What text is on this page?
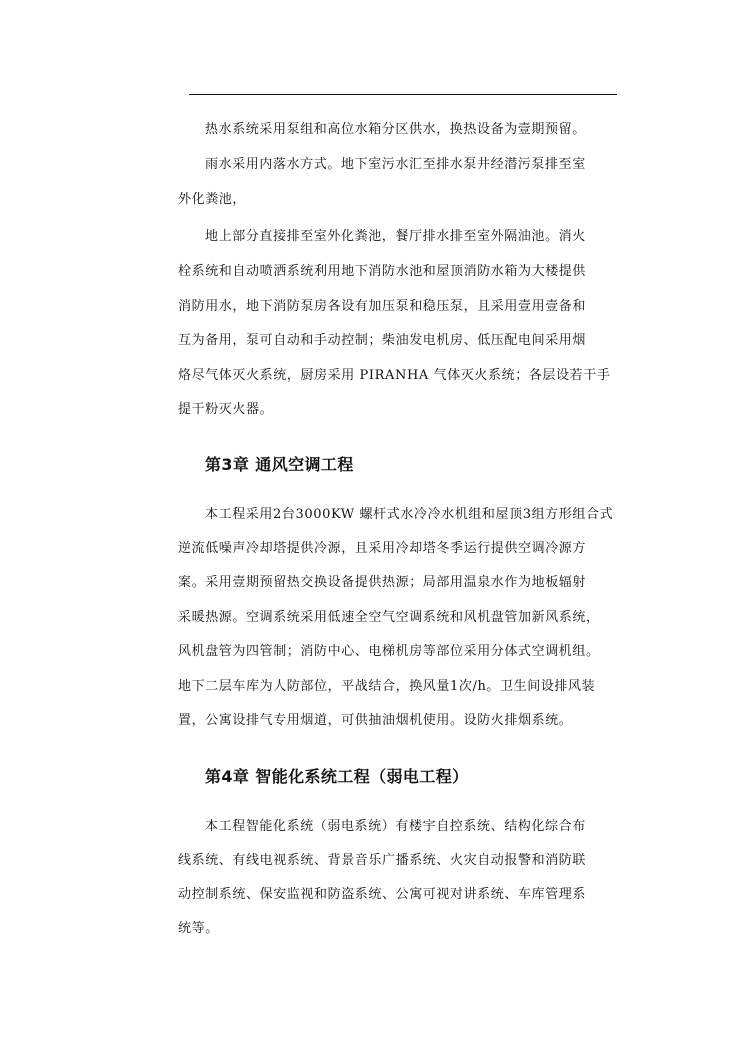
热水系统采用泵组和高位水箱分区供水，换热设备为壹期预留。
雨水采用内落水方式。地下室污水汇至排水泵井经潜污泵排至室
外化粪池，
地上部分直接排至室外化粪池，餐厅排水排至室外隔油池。消火
栓系统和自动喷洒系统利用地下消防水池和屋顶消防水箱为大楼提供
消防用水，地下消防泵房各设有加压泵和稳压泵，且采用壹用壹备和
互为备用，泵可自动和手动控制；柴油发电机房、低压配电间采用烟
烙尽气体灭火系统，厨房采用 PIRANHA 气体灭火系统；各层设若干手
提干粉灭火器。
第3章 通风空调工程
本工程采用2台3000KW 螺杆式水冷冷水机组和屋顶3组方形组合式
逆流低噪声冷却塔提供冷源，且采用冷却塔冬季运行提供空调冷源方
案。采用壹期预留热交换设备提供热源；局部用温泉水作为地板辐射
采暖热源。空调系统采用低速全空气空调系统和风机盘管加新风系统，
风机盘管为四管制；消防中心、电梯机房等部位采用分体式空调机组。
地下二层车库为人防部位，平战结合，换风量1次/h。卫生间设排风装
置，公寓设排气专用烟道，可供抽油烟机使用。设防火排烟系统。
第4章 智能化系统工程（弱电工程）
本工程智能化系统（弱电系统）有楼宇自控系统、结构化综合布
线系统、有线电视系统、背景音乐广播系统、火灾自动报警和消防联
动控制系统、保安监视和防盗系统、公寓可视对讲系统、车库管理系
统等。
